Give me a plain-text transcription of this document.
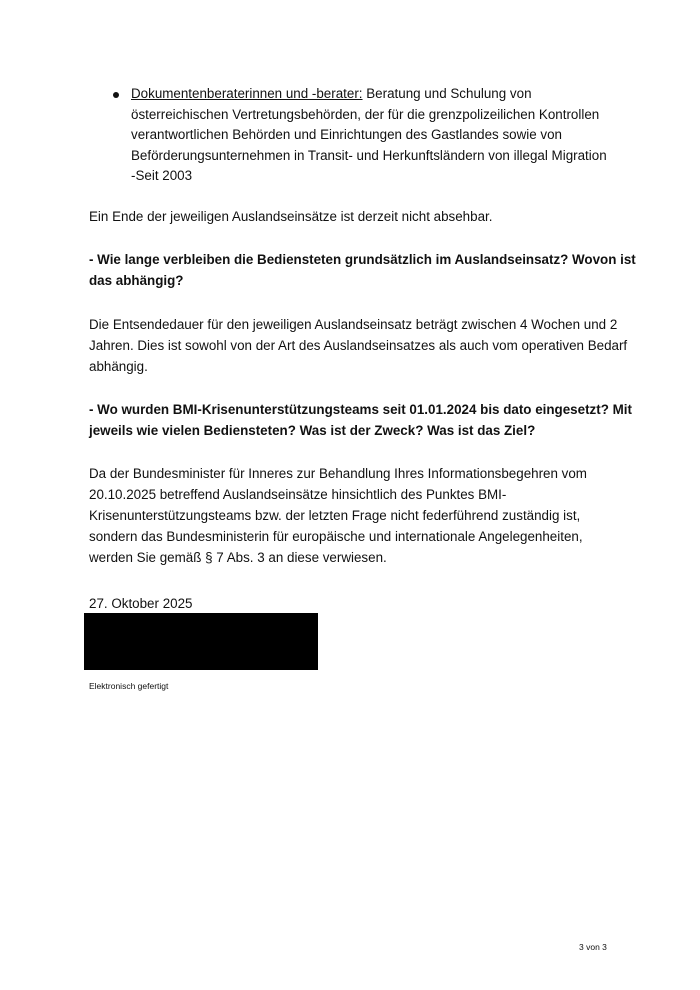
Dokumentenberaterinnen und -berater: Beratung und Schulung von
österreichischen Vertretungsbehörden, der für die grenzpolizeilichen Kontrollen
verantwortlichen Behörden und Einrichtungen des Gastlandes sowie von
Beförderungsunternehmen in Transit- und Herkunftsländern von illegal Migration
-Seit 2003
Ein Ende der jeweiligen Auslandseinsätze ist derzeit nicht absehbar.
- Wie lange verbleiben die Bediensteten grundsätzlich im Auslandseinsatz? Wovon ist
das abhängig?
Die Entsendedauer für den jeweiligen Auslandseinsatz beträgt zwischen 4 Wochen und 2
Jahren. Dies ist sowohl von der Art des Auslandseinsatzes als auch vom operativen Bedarf
abhängig.
- Wo wurden BMI-Krisenunterstützungsteams seit 01.01.2024 bis dato eingesetzt? Mit
jeweils wie vielen Bediensteten? Was ist der Zweck? Was ist das Ziel?
Da der Bundesminister für Inneres zur Behandlung Ihres Informationsbegehren vom
20.10.2025 betreffend Auslandseinsätze hinsichtlich des Punktes BMI-
Krisenunterstützungsteams bzw. der letzten Frage nicht federführend zuständig ist,
sondern das Bundesministerin für europäische und internationale Angelegenheiten,
werden Sie gemäß § 7 Abs. 3 an diese verwiesen.
27. Oktober 2025
Elektronisch gefertigt
3 von 3
